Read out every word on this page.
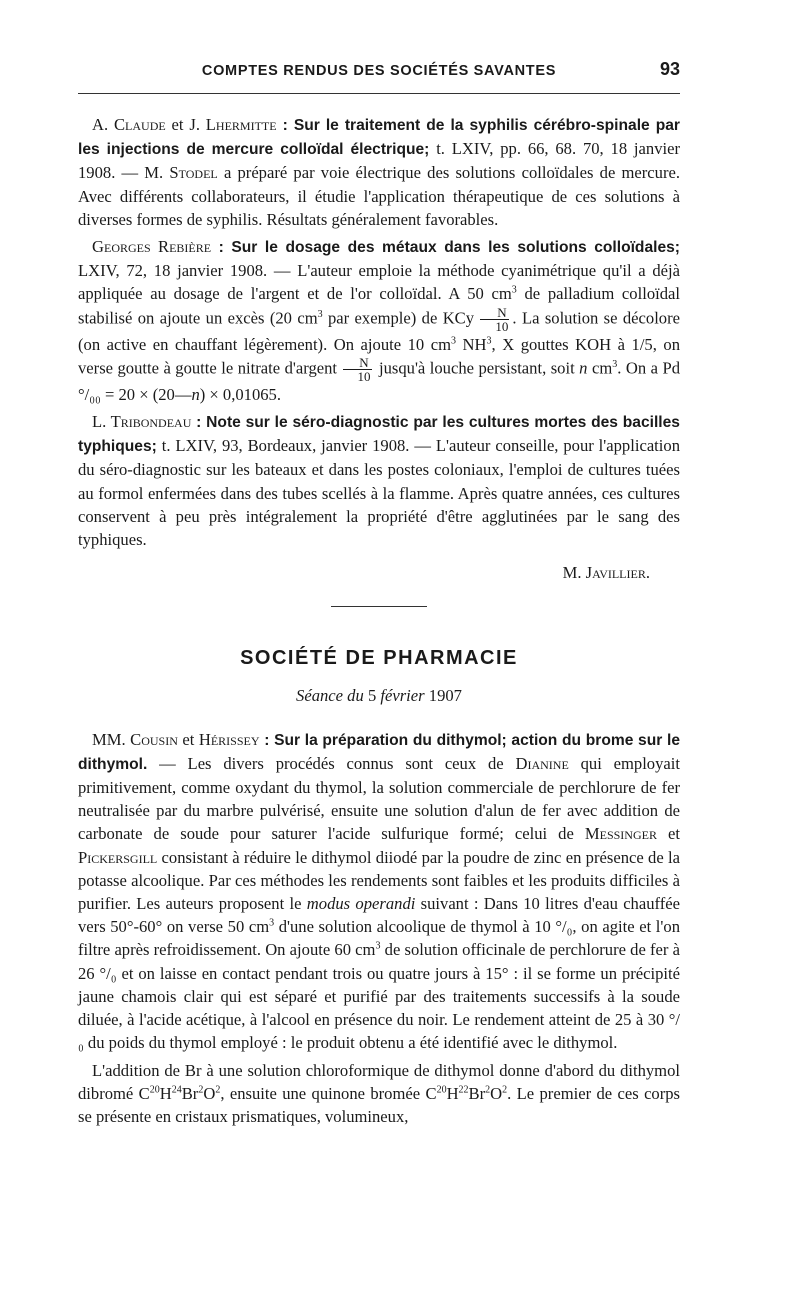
COMPTES RENDUS DES SOCIÉTÉS SAVANTES	93

A. Claude et J. Lhermitte : Sur le traitement de la syphilis cérébro-spinale par les injections de mercure colloïdal électrique; t. LXIV, pp. 66, 68. 70, 18 janvier 1908. — M. Stodel a préparé par voie électrique des solutions colloïdales de mercure. Avec différents collaborateurs, il étudie l'application thérapeutique de ces solutions à diverses formes de syphilis. Résultats généralement favorables.

Georges Rebière : Sur le dosage des métaux dans les solutions colloïdales; LXIV, 72, 18 janvier 1908. — L'auteur emploie la méthode cyanimétrique qu'il a déjà appliquée au dosage de l'argent et de l'or colloïdal. A 50 $cm^3$ de palladium colloïdal stabilisé on ajoute un excès (20 $cm^3$ par exemple) de KCy $\frac{N}{10}$ . La solution se décolore (on active en chauffant légèrement). On ajoute 10 $cm^3$ $NH^3$, X gouttes KOH à 1/5, on verse goutte à goutte le nitrate d'argent $\frac{N}{10}$ jusqu'à louche persistant, soit n $cm^3$. On a Pd °/₀₀ = 20 × (20—n) × 0,01065.

L. Tribondeau : Note sur le séro-diagnostic par les cultures mortes des bacilles typhiques; t. LXIV, 93, Bordeaux, janvier 1908. — L'auteur conseille, pour l'application du séro-diagnostic sur les bateaux et dans les postes coloniaux, l'emploi de cultures tuées au formol enfermées dans des tubes scellés à la flamme. Après quatre années, ces cultures conservent à peu près intégralement la propriété d'être agglutinées par le sang des typhiques.

M. Javillier.
SOCIÉTÉ DE PHARMACIE
Séance du 5 février 1907

MM. Cousin et Hérissey : Sur la préparation du dithymol; action du brome sur le dithymol. — Les divers procédés connus sont ceux de Dianine qui employait primitivement, comme oxydant du thymol, la solution commerciale de perchlorure de fer neutralisée par du marbre pulvérisé, ensuite une solution d'alun de fer avec addition de carbonate de soude pour saturer l'acide sulfurique formé; celui de Messinger et Pickersgill consistant à réduire le dithymol diiodé par la poudre de zinc en présence de la potasse alcoolique. Par ces méthodes les rendements sont faibles et les produits difficiles à purifier. Les auteurs proposent le modus operandi suivant : Dans 10 litres d'eau chauffée vers 50°-60° on verse 50 $cm^3$ d'une solution alcoolique de thymol à 10 °/₀, on agite et l'on filtre après refroidissement. On ajoute 60 $cm^3$ de solution officinale de perchlorure de fer à 26 °/₀ et on laisse en contact pendant trois ou quatre jours à 15° : il se forme un précipité jaune chamois clair qui est séparé et purifié par des traitements successifs à la soude diluée, à l'acide acétique, à l'alcool en présence du noir. Le rendement atteint de 25 à 30 °/₀ du poids du thymol employé : le produit obtenu a été identifié avec le dithymol.

L'addition de Br à une solution chloroformique de dithymol donne d'abord du dithymol dibromé $C^{20}H^{24}Br^2O^2$, ensuite une quinone bromée $C^{20}H^{22}Br^2O^2$. Le premier de ces corps se présente en cristaux prismatiques, volumineux,
